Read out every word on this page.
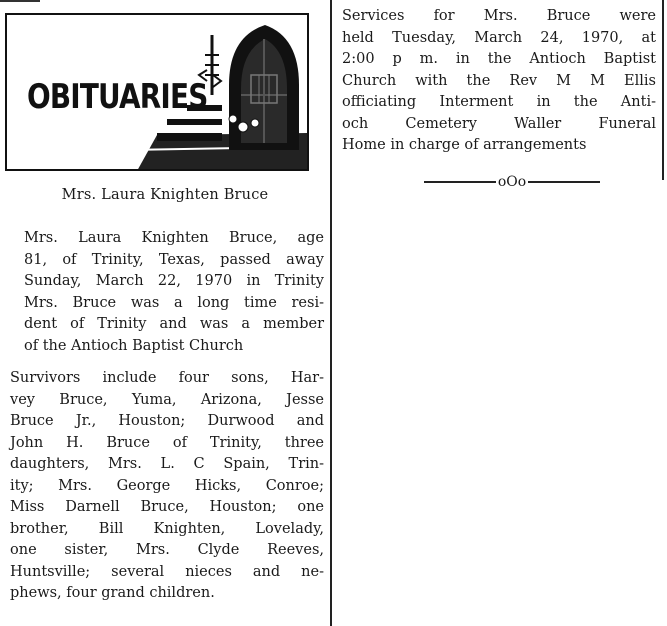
OBITUARIES
Mrs. Laura Knighten Bruce
Mrs. Laura Knighten Bruce, age
81, of Trinity, Texas, passed away
Sunday, March 22, 1970 in Trinity
Mrs. Bruce was a long time resi-
dent of Trinity and was a member
of the Antioch Baptist Church
Survivors include four sons, Har-
vey Bruce, Yuma, Arizona, Jesse
Bruce Jr., Houston; Durwood and
John H. Bruce of Trinity, three
daughters, Mrs. L. C Spain, Trin-
ity; Mrs. George Hicks, Conroe;
Miss Darnell Bruce, Houston; one
brother, Bill Knighten, Lovelady,
one sister, Mrs. Clyde Reeves,
Huntsville; several nieces and ne-
phews, four grand children.
Services for Mrs. Bruce were
held Tuesday, March 24, 1970, at
2:00 p m. in the Antioch Baptist
Church with the Rev M M Ellis
officiating Interment in the Anti-
och Cemetery Waller Funeral
Home in charge of arrangements
oOo
